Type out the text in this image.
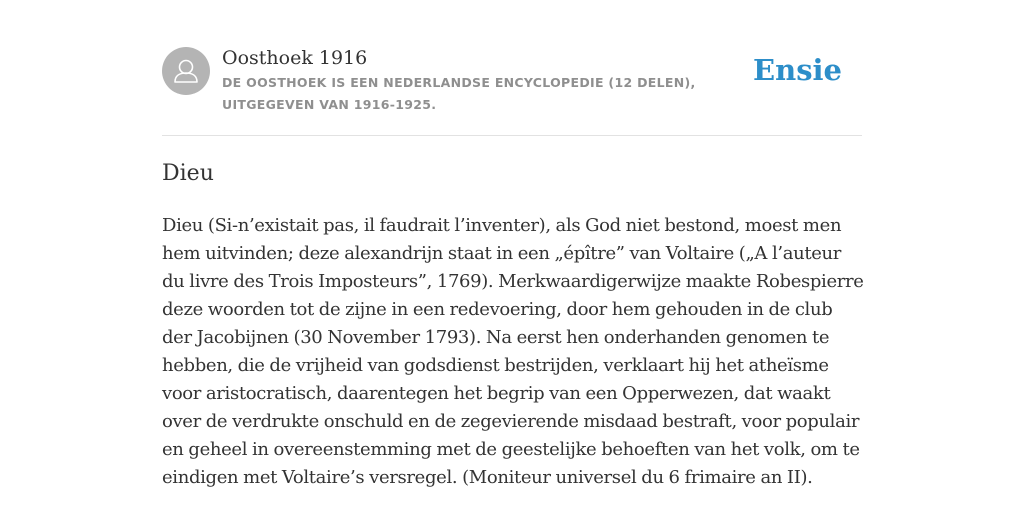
Oosthoek 1916
DE OOSTHOEK IS EEN NEDERLANDSE ENCYCLOPEDIE (12 DELEN), UITGEGEVEN VAN 1916-1925.
Ensie
Dieu

Dieu (Si-n’existait pas, il faudrait l’inventer), als God niet bestond, moest men hem uitvinden; deze alexandrijn staat in een „épître” van Voltaire („A l’auteur du livre des Trois Imposteurs”, 1769). Merkwaardigerwijze maakte Robespierre deze woorden tot de zijne in een redevoering, door hem gehouden in de club der Jacobijnen (30 November 1793). Na eerst hen onderhanden genomen te hebben, die de vrijheid van godsdienst bestrijden, verklaart hij het atheïsme voor aristocratisch, daarentegen het begrip van een Opperwezen, dat waakt over de verdrukte onschuld en de zegevierende misdaad bestraft, voor populair en geheel in overeenstemming met de geestelijke behoeften van het volk, om te eindigen met Voltaire’s versregel. (Moniteur universel du 6 frimaire an II).
